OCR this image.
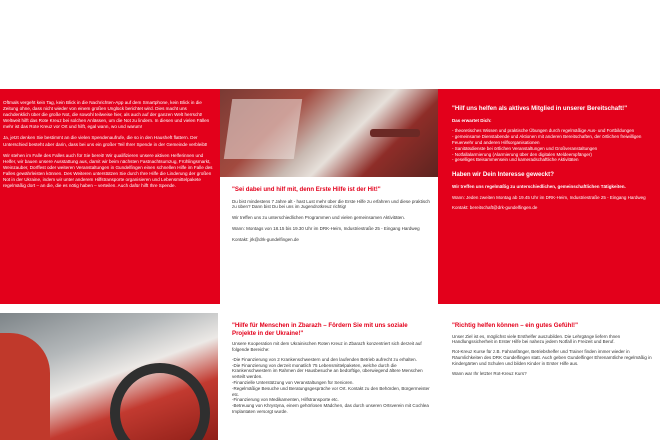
Oftmals vergeht kein Tag, kein Blick in die Nachrichten-App auf dem Smartphone, kein Blick in die Zeitung ohne, dass nicht wieder von einem großen Unglück berichtet wird. Dies macht uns nachdenklich über die große Not, die sowohl teilweise hier, als auch auf der ganzen Welt herrscht! Weltweit hilft das Rote Kreuz bei solchen Anlässen, um die Not zu lindern. In diesen und vielen Fällen mehr ist das Rote Kreuz vor Ort und hilft, egal wann, wo und warum!

Ja, jetzt denken Sie bestimmt an die vielen Spendenaufrufe, die so in den Hausheft flattern. Der Unterschied besteht aber darin, dass bei uns ein großer Teil Ihrer Spende in der Gemeinde verbleibt!

Wir stehen im Falle des Falles auch für Sie bereit! Wir qualifizieren unsere aktiven Helferinnen und Helfer, wir bauen unsere Ausstattung aus, damit wir beim nächsten Fastnachtsumzug, Frühlingsmarkt, Weinzauber, Dorffest oder weiteren Veranstaltungen in Gundelfingen einen schnellen Hilfe im Falle des Falles gewährleisten können. Des Weiteren unterstützen Sie durch Ihre Hilfe die Linderung der großen Not in der Ukraine, indem wir unter anderem Hilfstransporte organisieren und Lebensmittelpakete regelmäßig dort – an die, die es nötig haben – verteilen. Auch dafür hilft Ihre Spende.

"Sei dabei und hilf mit, denn Erste Hilfe ist der Hit!"

Du bist mindestens 7 Jahre alt - hast Lust mehr über die Erste Hilfe zu erfahren und diese praktisch zu üben? Dann bist Du bei uns im Jugendrotkreuz richtig!

Wir treffen uns zu unterschiedlichen Programmen und vielen gemeinsamen Aktivitäten.

Wann: Montags von 18.15 bis 19.30 Uhr im DRK-Heim, Industriestraße 25 - Eingang Hardweg

Kontakt: jrk@drk-gundelfingen.de

"Hilf uns helfen als aktives Mitglied in unserer Bereitschaft!"

Das erwartet Dich:

- theoretisches Wissen und praktische Übungen durch regelmäßige Aus- und Fortbildungen
- gemeinsame Dienstabende und Aktionen mit anderen Bereitschaften, der örtlichen freiwilligen Feuerwehr und anderen Hilfsorganisationen
- Sanitätsdienste bei örtlichen Veranstaltungen und Großveranstaltungen
- Notfallalarmierung (Alarmierung über den digitalen Meldeempfänger)
- geselliges Beisammensein und kameradschaftliche Aktivitäten

Haben wir Dein Interesse geweckt?

Wir treffen uns regelmäßig zu unterschiedlichen, gemeinschaftlichen Tätigkeiten.

Wann: Jeden zweiten Montag ab 19.45 Uhr im DRK-Heim, Industriestraße 25 - Eingang Hardweg

Kontakt: bereitschaft@drk-gundelfingen.de

"Hilfe für Menschen in Zbarazh – Fördern Sie mit uns soziale Projekte in der Ukraine!"

Unsere Kooperation mit dem Ukrainischen Roten Kreuz in Zbarazh konzentriert sich derzeit auf folgende Bereiche:

-Die Finanzierung von 2 Krankenschwestern und den laufenden Betrieb aufrecht zu erhalten.
-Die Finanzierung von derzeit monatlich 75 Lebensmittelpaketen, welche durch die Krankenschwestern im Rahmen der Hausbesuche an bedürftige, überwiegend ältere Menschen verteilt werden.
-Finanzielle Unterstützung von Veranstaltungen für Senioren.
-Regelmäßige Besuche und Beratungsgespräche vor Ort. Kontakt zu den Behörden, Bürgermeister etc.
-Finanzierung von Medikamenten, Hilfstransporte etc.
-Betreuung von Khrystyna, einem gehörlosen Mädchen, das durch unseren Ortsverein mit Cochlea Implantaten versorgt wurde.

"Richtig helfen können – ein gutes Gefühl!"

Unser Ziel ist es, möglichst viele Ersthelfer auszubilden. Die Lehrgänge liefern Ihnen Handlungssicherheit in Erster Hilfe bei nahezu jedem Notfall in Freizeit und Beruf.

Rot-Kreuz Kurse für z.B. Fahranfänger, Betriebshelfer und Trainer finden immer wieder in Räumlichkeiten des DRK Gundelfingen statt. Auch geben Gundelfinger Ehrenamtliche regelmäßig in Kindergärten und Schulen und bilden Kinder in Erster Hilfe aus.

Wann war Ihr letzter Rot-Kreuz Kurs?
